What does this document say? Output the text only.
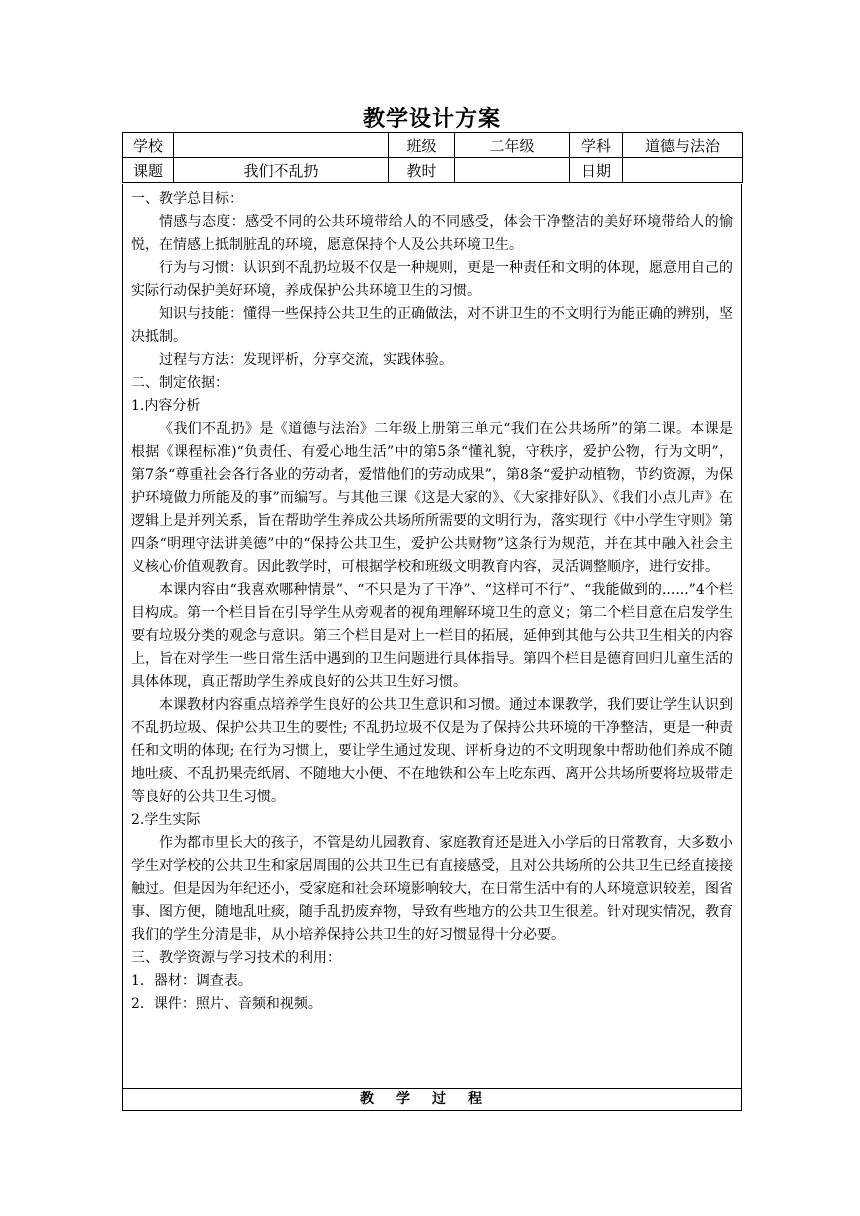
教学设计方案
学校		班级	二年级	学科	道德与法治
课题	我们不乱扔	教时		日期	

一、教学总目标：

情感与态度：感受不同的公共环境带给人的不同感受，体会干净整洁的美好环境带给人的愉悦，在情感上抵制脏乱的环境，愿意保持个人及公共环境卫生。

行为与习惯：认识到不乱扔垃圾不仅是一种规则，更是一种责任和文明的体现，愿意用自己的实际行动保护美好环境，养成保护公共环境卫生的习惯。

知识与技能：懂得一些保持公共卫生的正确做法，对不讲卫生的不文明行为能正确的辨别，坚决抵制。

过程与方法：发现评析，分享交流，实践体验。

二、制定依据：

1.内容分析

《我们不乱扔》是《道德与法治》二年级上册第三单元“我们在公共场所”的第二课。本课是根据《课程标准)“负责任、有爱心地生活”中的第5条“懂礼貌，守秩序，爱护公物，行为文明”，第7条“尊重社会各行各业的劳动者，爱惜他们的劳动成果”，第8条“爱护动植物，节约资源，为保护环境做力所能及的事”而编写。与其他三课《这是大家的》、《大家排好队》、《我们小点儿声》在逻辑上是并列关系，旨在帮助学生养成公共场所所需要的文明行为，落实现行《中小学生守则》第四条“明理守法讲美德”中的“保持公共卫生，爱护公共财物”这条行为规范，并在其中融入社会主义核心价值观教育。因此教学时，可根据学校和班级文明教育内容，灵活调整顺序，进行安排。

本课内容由“我喜欢哪种情景”、“不只是为了干净”、“这样可不行”、“我能做到的......”4个栏目构成。第一个栏目旨在引导学生从旁观者的视角理解环境卫生的意义；第二个栏目意在启发学生要有垃圾分类的观念与意识。第三个栏目是对上一栏目的拓展，延伸到其他与公共卫生相关的内容上，旨在对学生一些日常生活中遇到的卫生问题进行具体指导。第四个栏目是德育回归儿童生活的具体体现，真正帮助学生养成良好的公共卫生好习惯。

本课教材内容重点培养学生良好的公共卫生意识和习惯。通过本课教学，我们要让学生认识到不乱扔垃圾、保护公共卫生的要性; 不乱扔垃圾不仅是为了保持公共环境的干净整洁，更是一种责任和文明的体现; 在行为习惯上，要让学生通过发现、评析身边的不文明现象中帮助他们养成不随地吐痰、不乱扔果壳纸屑、不随地大小便、不在地铁和公车上吃东西、离开公共场所要将垃圾带走等良好的公共卫生习惯。

2.学生实际

作为都市里长大的孩子，不管是幼儿园教育、家庭教育还是进入小学后的日常教育，大多数小学生对学校的公共卫生和家居周围的公共卫生已有直接感受，且对公共场所的公共卫生已经直接接触过。但是因为年纪还小，受家庭和社会环境影响较大，在日常生活中有的人环境意识较差，图省事、图方便，随地乱吐痰，随手乱扔废弃物，导致有些地方的公共卫生很差。针对现实情况，教育我们的学生分清是非，从小培养保持公共卫生的好习惯显得十分必要。

三、教学资源与学习技术的利用：

1．器材：调查表。

2．课件：照片、音频和视频。

教学过程
